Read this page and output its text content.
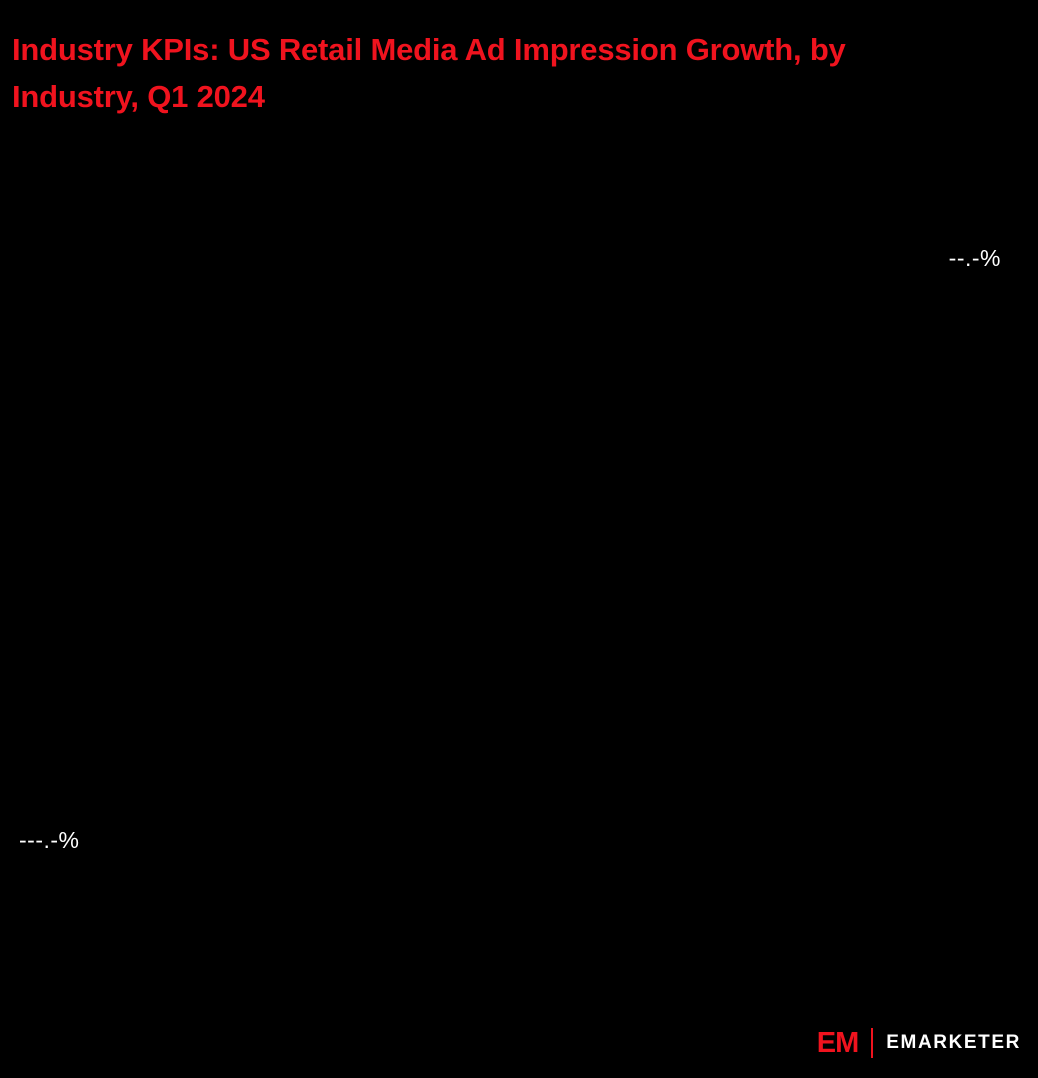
Industry KPIs: US Retail Media Ad Impression Growth, by Industry, Q1 2024
--.-%
---.-%
EM EMARKETER
